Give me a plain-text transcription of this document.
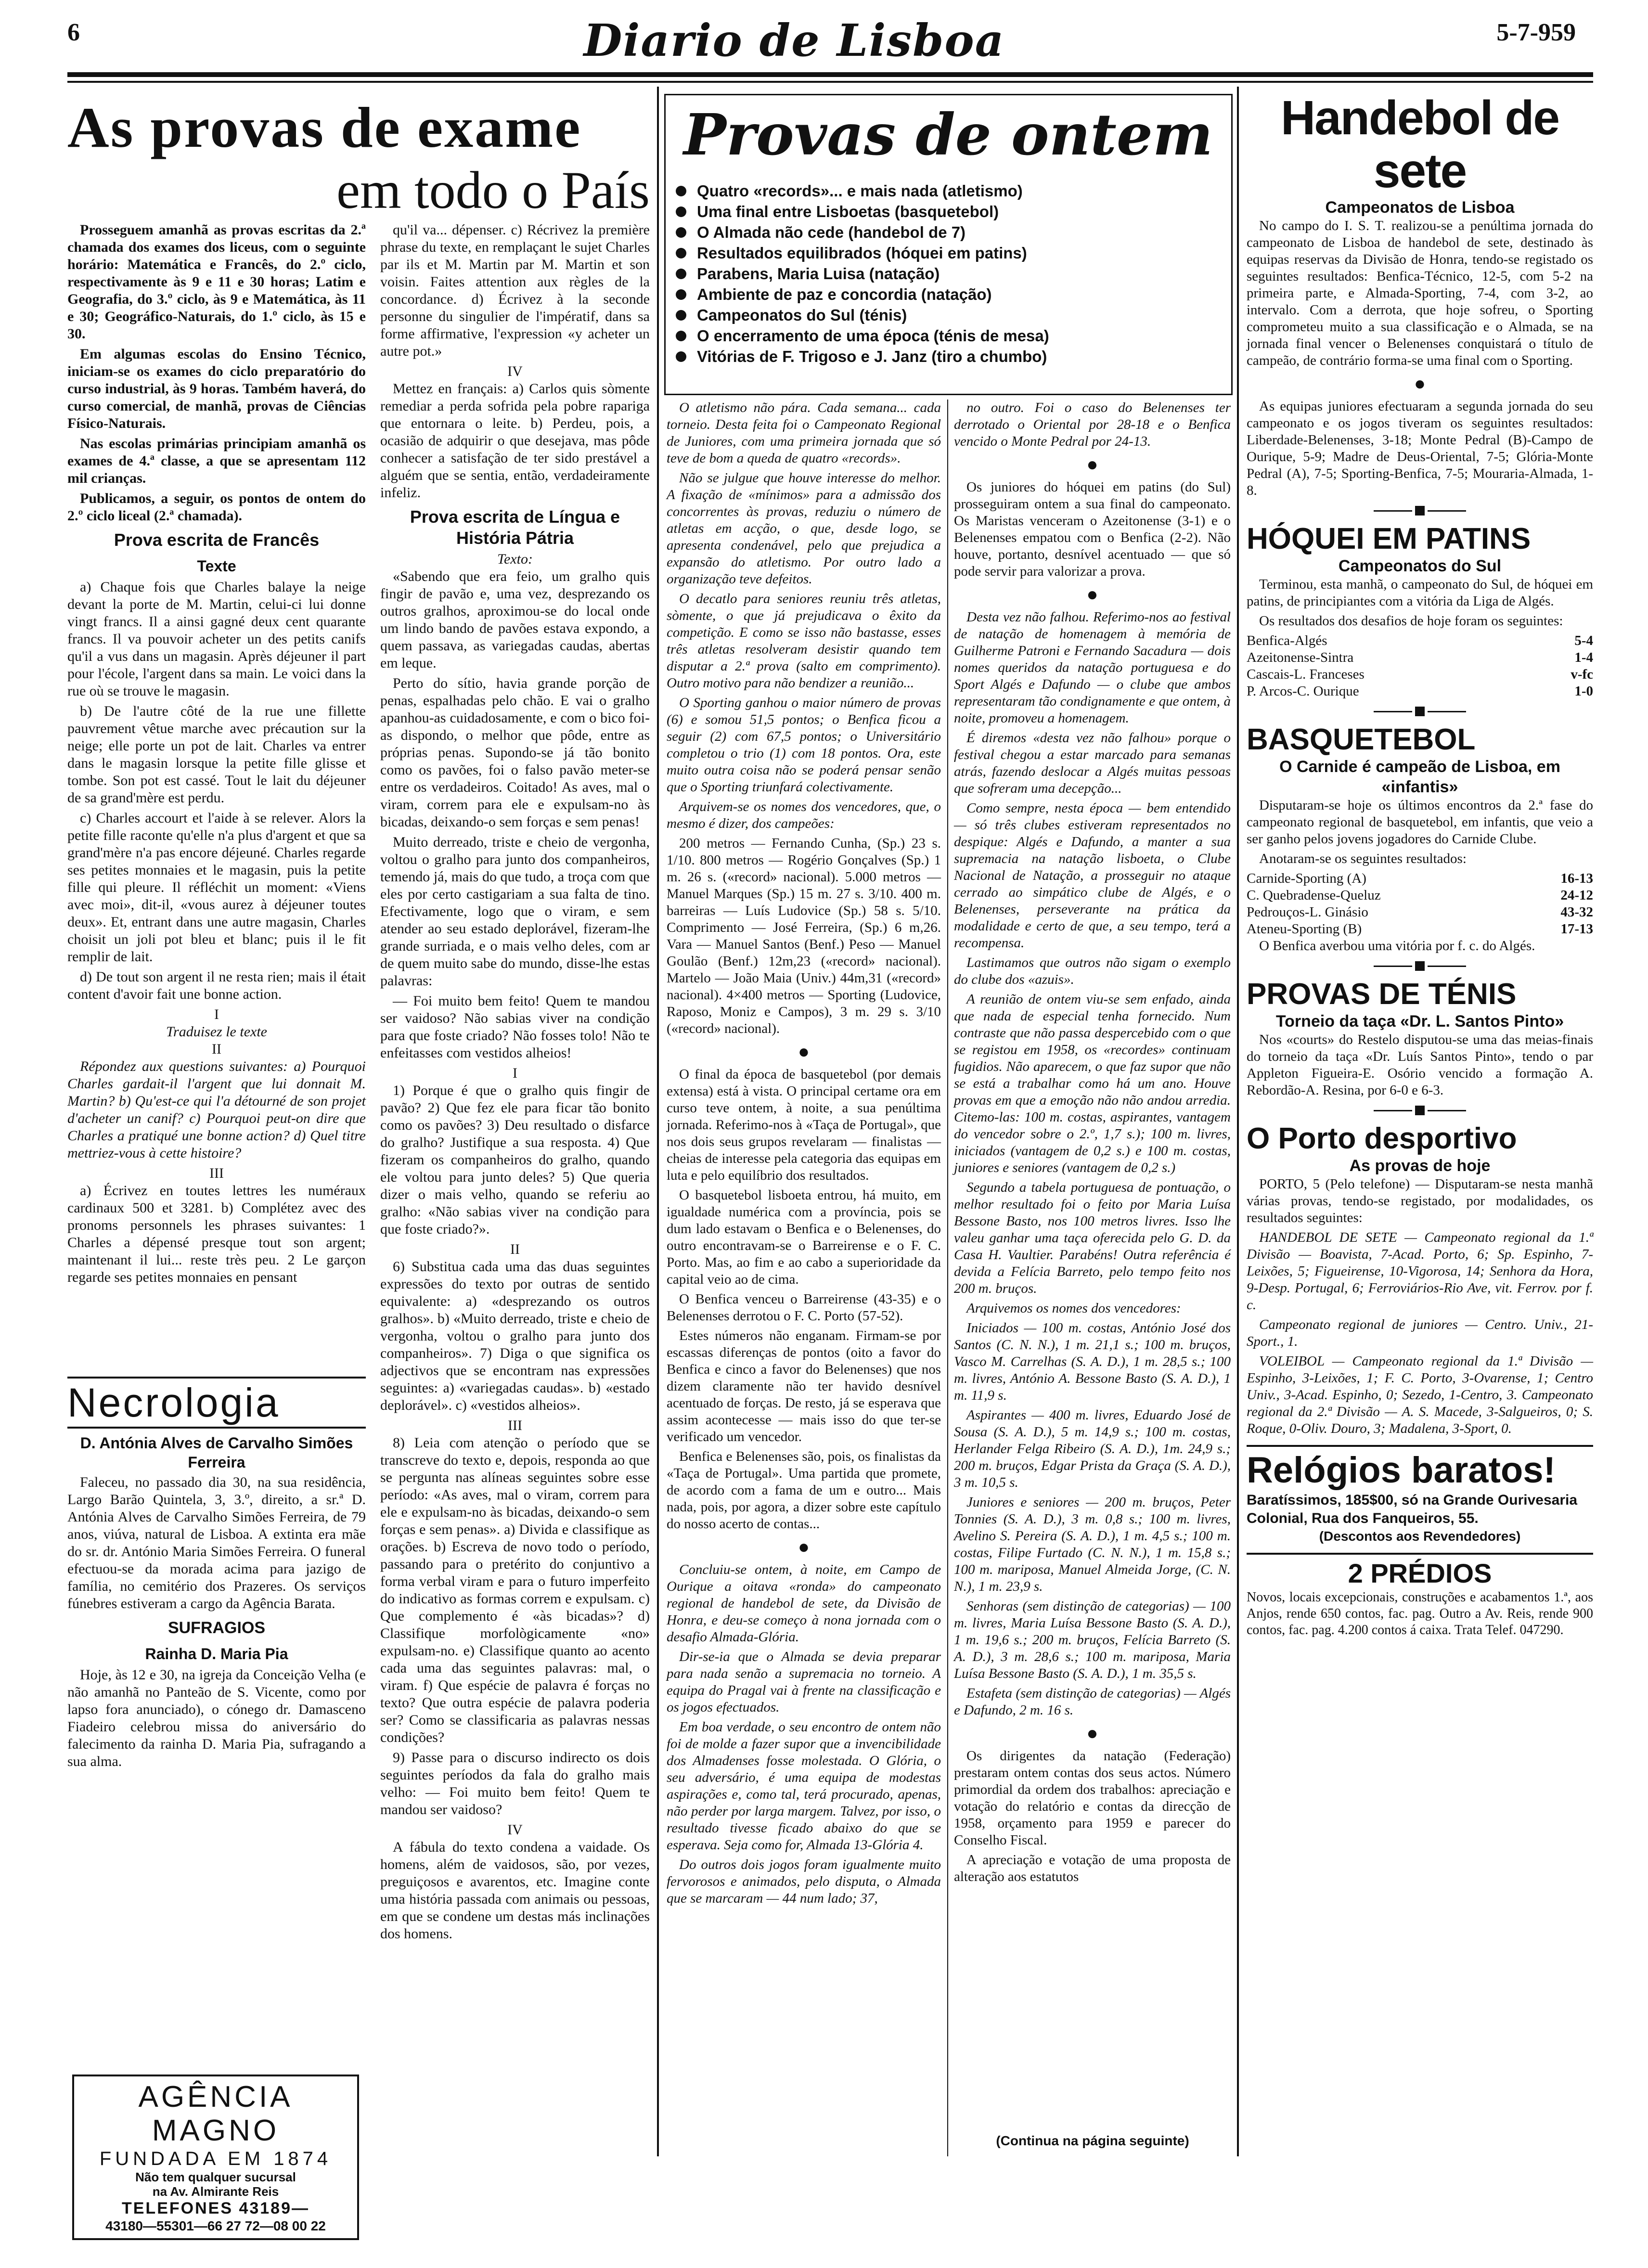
6	Diario de Lisboa	5-7-959
As provas de exame
em todo o País

Prosseguem amanhã as provas escritas da 2.ª chamada dos exames dos liceus, com o seguinte horário: Matemática e Francês, do 2.º ciclo, respectivamente às 9 e 11 e 30 horas; Latim e Geografia, do 3.º ciclo, às 9 e Matemática, às 11 e 30; Geográfico-Naturais, do 1.º ciclo, às 15 e 30.

Em algumas escolas do Ensino Técnico, iniciam-se os exames do ciclo preparatório do curso industrial, às 9 horas. Também haverá, do curso comercial, de manhã, provas de Ciências Físico-Naturais.

Nas escolas primárias principiam amanhã os exames de 4.ª classe, a que se apresentam 112 mil crianças.

Publicamos, a seguir, os pontos de ontem do 2.º ciclo liceal (2.ª chamada).

Prova escrita de Francês
Texte

a) Chaque fois que Charles balaye la neige devant la porte de M. Martin, celui-ci lui donne vingt francs. Il a ainsi gagné deux cent quarante francs. Il va pouvoir acheter un des petits canifs qu'il a vus dans un magasin. Après déjeuner il part pour l'école, l'argent dans sa main. Le voici dans la rue où se trouve le magasin.

b) De l'autre côté de la rue une fillette pauvrement vêtue marche avec précaution sur la neige; elle porte un pot de lait. Charles va entrer dans le magasin lorsque la petite fille glisse et tombe. Son pot est cassé. Tout le lait du déjeuner de sa grand'mère est perdu.

c) Charles accourt et l'aide à se relever. Alors la petite fille raconte qu'elle n'a plus d'argent et que sa grand'mère n'a pas encore déjeuné. Charles regarde ses petites monnaies et le magasin, puis la petite fille qui pleure. Il réfléchit un moment: «Viens avec moi», dit-il, «vous aurez à déjeuner toutes deux». Et, entrant dans une autre magasin, Charles choisit un joli pot bleu et blanc; puis il le fit remplir de lait.

d) De tout son argent il ne resta rien; mais il était content d'avoir fait une bonne action.

I
Traduisez le texte
II

Répondez aux questions suivantes: a) Pourquoi Charles gardait-il l'argent que lui donnait M. Martin? b) Qu'est-ce qui l'a détourné de son projet d'acheter un canif? c) Pourquoi peut-on dire que Charles a pratiqué une bonne action? d) Quel titre mettriez-vous à cette histoire?

III

a) Écrivez en toutes lettres les numéraux cardinaux 500 et 3281. b) Complétez avec des pronoms personnels les phrases suivantes: 1 Charles a dépensé presque tout son argent; maintenant il lui... reste très peu. 2 Le garçon regarde ses petites monnaies en pensant

qu'il va... dépenser. c) Récrivez la première phrase du texte, en remplaçant le sujet Charles par ils et M. Martin par M. Martin et son voisin. Faites attention aux règles de la concordance. d) Écrivez à la seconde personne du singulier de l'impératif, dans sa forme affirmative, l'expression «y acheter un autre pot.»

IV

Mettez en français: a) Carlos quis sòmente remediar a perda sofrida pela pobre rapariga que entornara o leite. b) Perdeu, pois, a ocasião de adquirir o que desejava, mas pôde conhecer a satisfação de ter sido prestável a alguém que se sentia, então, verdadeiramente infeliz.

Prova escrita de Língua e História Pátria
Texto:

«Sabendo que era feio, um gralho quis fingir de pavão e, uma vez, desprezando os outros gralhos, aproximou-se do local onde um lindo bando de pavões estava expondo, a quem passava, as variegadas caudas, abertas em leque.

Perto do sítio, havia grande porção de penas, espalhadas pelo chão. E vai o gralho apanhou-as cuidadosamente, e com o bico foi-as dispondo, o melhor que pôde, entre as próprias penas. Supondo-se já tão bonito como os pavões, foi o falso pavão meter-se entre os verdadeiros. Coitado! As aves, mal o viram, correm para ele e expulsam-no às bicadas, deixando-o sem forças e sem penas!

Muito derreado, triste e cheio de vergonha, voltou o gralho para junto dos companheiros, temendo já, mais do que tudo, a troça com que eles por certo castigariam a sua falta de tino. Efectivamente, logo que o viram, e sem atender ao seu estado deplorável, fizeram-lhe grande surriada, e o mais velho deles, com ar de quem muito sabe do mundo, disse-lhe estas palavras:

— Foi muito bem feito! Quem te mandou ser vaidoso? Não sabias viver na condição para que foste criado? Não fosses tolo! Não te enfeitasses com vestidos alheios!

I

1) Porque é que o gralho quis fingir de pavão? 2) Que fez ele para ficar tão bonito como os pavões? 3) Deu resultado o disfarce do gralho? Justifique a sua resposta. 4) Que fizeram os companheiros do gralho, quando ele voltou para junto deles? 5) Que queria dizer o mais velho, quando se referiu ao gralho: «Não sabias viver na condição para que foste criado?».

II

6) Substitua cada uma das duas seguintes expressões do texto por outras de sentido equivalente: a) «desprezando os outros gralhos». b) «Muito derreado, triste e cheio de vergonha, voltou o gralho para junto dos companheiros». 7) Diga o que significa os adjectivos que se encontram nas expressões seguintes: a) «variegadas caudas». b) «estado deplorável». c) «vestidos alheios».

III

8) Leia com atenção o período que se transcreve do texto e, depois, responda ao que se pergunta nas alíneas seguintes sobre esse período: «As aves, mal o viram, correm para ele e expulsam-no às bicadas, deixando-o sem forças e sem penas». a) Divida e classifique as orações. b) Escreva de novo todo o período, passando para o pretérito do conjuntivo a forma verbal viram e para o futuro imperfeito do indicativo as formas correm e expulsam. c) Que complemento é «às bicadas»? d) Classifique morfològicamente «no» expulsam-no. e) Classifique quanto ao acento cada uma das seguintes palavras: mal, o viram. f) Que espécie de palavra é forças no texto? Que outra espécie de palavra poderia ser? Como se classificaria as palavras nessas condições?

9) Passe para o discurso indirecto os dois seguintes períodos da fala do gralho mais velho: — Foi muito bem feito! Quem te mandou ser vaidoso?

IV

A fábula do texto condena a vaidade. Os homens, além de vaidosos, são, por vezes, preguiçosos e avarentos, etc. Imagine conte uma história passada com animais ou pessoas, em que se condene um destas más inclinações dos homens.

Necrologia
D. Antónia Alves de Carvalho Simões Ferreira

Faleceu, no passado dia 30, na sua residência, Largo Barão Quintela, 3, 3.º, direito, a sr.ª D. Antónia Alves de Carvalho Simões Ferreira, de 79 anos, viúva, natural de Lisboa. A extinta era mãe do sr. dr. António Maria Simões Ferreira. O funeral efectuou-se da morada acima para jazigo de família, no cemitério dos Prazeres. Os serviços fúnebres estiveram a cargo da Agência Barata.

SUFRAGIOS
Rainha D. Maria Pia

Hoje, às 12 e 30, na igreja da Conceição Velha (e não amanhã no Panteão de S. Vicente, como por lapso fora anunciado), o cónego dr. Damasceno Fiadeiro celebrou missa do aniversário do falecimento da rainha D. Maria Pia, sufragando a sua alma.

AGÊNCIA MAGNO
FUNDADA EM 1874
Não tem qualquer sucursal
na Av. Almirante Reis
TELEFONES 43189—
43180—55301—66 27 72—08 00 22
Provas de ontem
Quatro «records»... e mais nada (atletismo)
Uma final entre Lisboetas (basquetebol)
O Almada não cede (handebol de 7)
Resultados equilibrados (hóquei em patins)
Parabens, Maria Luisa (natação)
Ambiente de paz e concordia (natação)
Campeonatos do Sul (ténis)
O encerramento de uma época (ténis de mesa)
Vitórias de F. Trigoso e J. Janz (tiro a chumbo)

O atletismo não pára. Cada semana... cada torneio. Desta feita foi o Campeonato Regional de Juniores, com uma primeira jornada que só teve de bom a queda de quatro «records».

Não se julgue que houve interesse do melhor. A fixação de «mínimos» para a admissão dos concorrentes às provas, reduziu o número de atletas em acção, o que, desde logo, se apresenta condenável, pelo que prejudica a expansão do atletismo. Por outro lado a organização teve defeitos.

O decatlo para seniores reuniu três atletas, sòmente, o que já prejudicava o êxito da competição. E como se isso não bastasse, esses três atletas resolveram desistir quando tem disputar a 2.ª prova (salto em comprimento). Outro motivo para não bendizer a reunião...

O Sporting ganhou o maior número de provas (6) e somou 51,5 pontos; o Benfica ficou a seguir (2) com 67,5 pontos; o Universitário completou o trio (1) com 18 pontos. Ora, este muito outra coisa não se poderá pensar senão que o Sporting triunfará colectivamente.

Arquivem-se os nomes dos vencedores, que, o mesmo é dizer, dos campeões:

200 metros — Fernando Cunha, (Sp.) 23 s. 1/10. 800 metros — Rogério Gonçalves (Sp.) 1 m. 26 s. («record» nacional). 5.000 metros — Manuel Marques (Sp.) 15 m. 27 s. 3/10. 400 m. barreiras — Luís Ludovice (Sp.) 58 s. 5/10. Comprimento — José Ferreira, (Sp.) 6 m,26. Vara — Manuel Santos (Benf.) Peso — Manuel Goulão (Benf.) 12m,23 («record» nacional). Martelo — João Maia (Univ.) 44m,31 («record» nacional). 4×400 metros — Sporting (Ludovice, Raposo, Moniz e Campos), 3 m. 29 s. 3/10 («record» nacional).

●

O final da época de basquetebol (por demais extensa) está à vista. O principal certame ora em curso teve ontem, à noite, a sua penúltima jornada. Referimo-nos à «Taça de Portugal», que nos dois seus grupos revelaram — finalistas — cheias de interesse pela categoria das equipas em luta e pelo equilíbrio dos resultados.

O basquetebol lisboeta entrou, há muito, em igualdade numérica com a província, pois se dum lado estavam o Benfica e o Belenenses, do outro encontravam-se o Barreirense e o F. C. Porto. Mas, ao fim e ao cabo a superioridade da capital veio ao de cima.

O Benfica venceu o Barreirense (43-35) e o Belenenses derrotou o F. C. Porto (57-52).

Estes números não enganam. Firmam-se por escassas diferenças de pontos (oito a favor do Benfica e cinco a favor do Belenenses) que nos dizem claramente não ter havido desnível acentuado de forças. De resto, já se esperava que assim acontecesse — mais isso do que ter-se verificado um vencedor.

Benfica e Belenenses são, pois, os finalistas da «Taça de Portugal». Uma partida que promete, de acordo com a fama de um e outro... Mais nada, pois, por agora, a dizer sobre este capítulo do nosso acerto de contas...

●

Concluiu-se ontem, à noite, em Campo de Ourique a oitava «ronda» do campeonato regional de handebol de sete, da Divisão de Honra, e deu-se começo à nona jornada com o desafio Almada-Glória.

Dir-se-ia que o Almada se devia preparar para nada senão a supremacia no torneio. A equipa do Pragal vai à frente na classificação e os jogos efectuados.

Em boa verdade, o seu encontro de ontem não foi de molde a fazer supor que a invencibilidade dos Almadenses fosse molestada. O Glória, o seu adversário, é uma equipa de modestas aspirações e, como tal, terá procurado, apenas, não perder por larga margem. Talvez, por isso, o resultado tivesse ficado abaixo do que se esperava. Seja como for, Almada 13-Glória 4.

Do outros dois jogos foram igualmente muito fervorosos e animados, pelo disputa, o Almada que se marcaram — 44 num lado; 37,

no outro. Foi o caso do Belenenses ter derrotado o Oriental por 28-18 e o Benfica vencido o Monte Pedral por 24-13.

●

Os juniores do hóquei em patins (do Sul) prosseguiram ontem a sua final do campeonato. Os Maristas venceram o Azeitonense (3-1) e o Belenenses empatou com o Benfica (2-2). Não houve, portanto, desnível acentuado — que só pode servir para valorizar a prova.

●

Desta vez não falhou. Referimo-nos ao festival de natação de homenagem à memória de Guilherme Patroni e Fernando Sacadura — dois nomes queridos da natação portuguesa e do Sport Algés e Dafundo — o clube que ambos representaram tão condignamente e que ontem, à noite, promoveu a homenagem.

É diremos «desta vez não falhou» porque o festival chegou a estar marcado para semanas atrás, fazendo deslocar a Algés muitas pessoas que sofreram uma decepção...

Como sempre, nesta época — bem entendido — só três clubes estiveram representados no despique: Algés e Dafundo, a manter a sua supremacia na natação lisboeta, o Clube Nacional de Natação, a prosseguir no ataque cerrado ao simpático clube de Algés, e o Belenenses, perseverante na prática da modalidade e certo de que, a seu tempo, terá a recompensa.

Lastimamos que outros não sigam o exemplo do clube dos «azuis».

A reunião de ontem viu-se sem enfado, ainda que nada de especial tenha fornecido. Num contraste que não passa despercebido com o que se registou em 1958, os «recordes» continuam fugidios. Não aparecem, o que faz supor que não se está a trabalhar como há um ano. Houve provas em que a emoção não não andou arredia. Citemo-las: 100 m. costas, aspirantes, vantagem do vencedor sobre o 2.º, 1,7 s.); 100 m. livres, iniciados (vantagem de 0,2 s.) e 100 m. costas, juniores e seniores (vantagem de 0,2 s.)

Segundo a tabela portuguesa de pontuação, o melhor resultado foi o feito por Maria Luísa Bessone Basto, nos 100 metros livres. Isso lhe valeu ganhar uma taça oferecida pelo G. D. da Casa H. Vaultier. Parabéns! Outra referência é devida a Felícia Barreto, pelo tempo feito nos 200 m. bruços.

Arquivemos os nomes dos vencedores:

Iniciados — 100 m. costas, António José dos Santos (C. N. N.), 1 m. 21,1 s.; 100 m. bruços, Vasco M. Carrelhas (S. A. D.), 1 m. 28,5 s.; 100 m. livres, António A. Bessone Basto (S. A. D.), 1 m. 11,9 s.

Aspirantes — 400 m. livres, Eduardo José de Sousa (S. A. D.), 5 m. 14,9 s.; 100 m. costas, Herlander Felga Ribeiro (S. A. D.), 1m. 24,9 s.; 200 m. bruços, Edgar Prista da Graça (S. A. D.), 3 m. 10,5 s.

Juniores e seniores — 200 m. bruços, Peter Tonnies (S. A. D.), 3 m. 0,8 s.; 100 m. livres, Avelino S. Pereira (S. A. D.), 1 m. 4,5 s.; 100 m. costas, Filipe Furtado (C. N. N.), 1 m. 15,8 s.; 100 m. mariposa, Manuel Almeida Jorge, (C. N. N.), 1 m. 23,9 s.

Senhoras (sem distinção de categorias) — 100 m. livres, Maria Luísa Bessone Basto (S. A. D.), 1 m. 19,6 s.; 200 m. bruços, Felícia Barreto (S. A. D.), 3 m. 28,6 s.; 100 m. mariposa, Maria Luísa Bessone Basto (S. A. D.), 1 m. 35,5 s.

Estafeta (sem distinção de categorias) — Algés e Dafundo, 2 m. 16 s.

●

Os dirigentes da natação (Federação) prestaram ontem contas dos seus actos. Número primordial da ordem dos trabalhos: apreciação e votação do relatório e contas da direcção de 1958, orçamento para 1959 e parecer do Conselho Fiscal.

A apreciação e votação de uma proposta de alteração aos estatutos

(Continua na página seguinte)
Handebol de sete
Campeonatos de Lisboa

No campo do I. S. T. realizou-se a penúltima jornada do campeonato de Lisboa de handebol de sete, destinado às equipas reservas da Divisão de Honra, tendo-se registado os seguintes resultados: Benfica-Técnico, 12-5, com 5-2 na primeira parte, e Almada-Sporting, 7-4, com 3-2, ao intervalo. Com a derrota, que hoje sofreu, o Sporting comprometeu muito a sua classificação e o Almada, se na jornada final vencer o Belenenses conquistará o título de campeão, de contrário forma-se uma final com o Sporting.

●

As equipas juniores efectuaram a segunda jornada do seu campeonato e os jogos tiveram os seguintes resultados: Liberdade-Belenenses, 3-18; Monte Pedral (B)-Campo de Ourique, 5-9; Madre de Deus-Oriental, 7-5; Glória-Monte Pedral (A), 7-5; Sporting-Benfica, 7-5; Mouraria-Almada, 1-8.

HÓQUEI EM PATINS
Campeonatos do Sul

Terminou, esta manhã, o campeonato do Sul, de hóquei em patins, de principiantes com a vitória da Liga de Algés.

Os resultados dos desafios de hoje foram os seguintes:

Benfica-Algés	5-4
Azeitonense-Sintra	1-4
Cascais-L. Franceses	v-fc
P. Arcos-C. Ourique	1-0
BASQUETEBOL
O Carnide é campeão de Lisboa, em «infantis»

Disputaram-se hoje os últimos encontros da 2.ª fase do campeonato regional de basquetebol, em infantis, que veio a ser ganho pelos jovens jogadores do Carnide Clube.

Anotaram-se os seguintes resultados:

Carnide-Sporting (A)	16-13
C. Quebradense-Queluz	24-12
Pedrouços-L. Ginásio	43-32
Ateneu-Sporting (B)	17-13

O Benfica averbou uma vitória por f. c. do Algés.

PROVAS DE TÉNIS
Torneio da taça «Dr. L. Santos Pinto»

Nos «courts» do Restelo disputou-se uma das meias-finais do torneio da taça «Dr. Luís Santos Pinto», tendo o par Appleton Figueira-E. Osório vencido a formação A. Rebordão-A. Resina, por 6-0 e 6-3.

O Porto desportivo
As provas de hoje

PORTO, 5 (Pelo telefone) — Disputaram-se nesta manhã várias provas, tendo-se registado, por modalidades, os resultados seguintes:

HANDEBOL DE SETE — Campeonato regional da 1.ª Divisão — Boavista, 7-Acad. Porto, 6; Sp. Espinho, 7-Leixões, 5; Figueirense, 10-Vigorosa, 14; Senhora da Hora, 9-Desp. Portugal, 6; Ferroviários-Rio Ave, vit. Ferrov. por f. c.

Campeonato regional de juniores — Centro. Univ., 21-Sport., 1.

VOLEIBOL — Campeonato regional da 1.ª Divisão — Espinho, 3-Leixões, 1; F. C. Porto, 3-Ovarense, 1; Centro Univ., 3-Acad. Espinho, 0; Sezedo, 1-Centro, 3. Campeonato regional da 2.ª Divisão — A. S. Macede, 3-Salgueiros, 0; S. Roque, 0-Oliv. Douro, 3; Madalena, 3-Sport, 0.

Relógios baratos!
Baratíssimos, 185$00, só na Grande Ourivesaria Colonial, Rua dos Fanqueiros, 55.
(Descontos aos Revendedores)
2 PRÉDIOS
Novos, locais excepcionais, construções e acabamentos 1.ª, aos Anjos, rende 650 contos, fac. pag. Outro a Av. Reis, rende 900 contos, fac. pag. 4.200 contos á caixa. Trata Telef. 047290.
